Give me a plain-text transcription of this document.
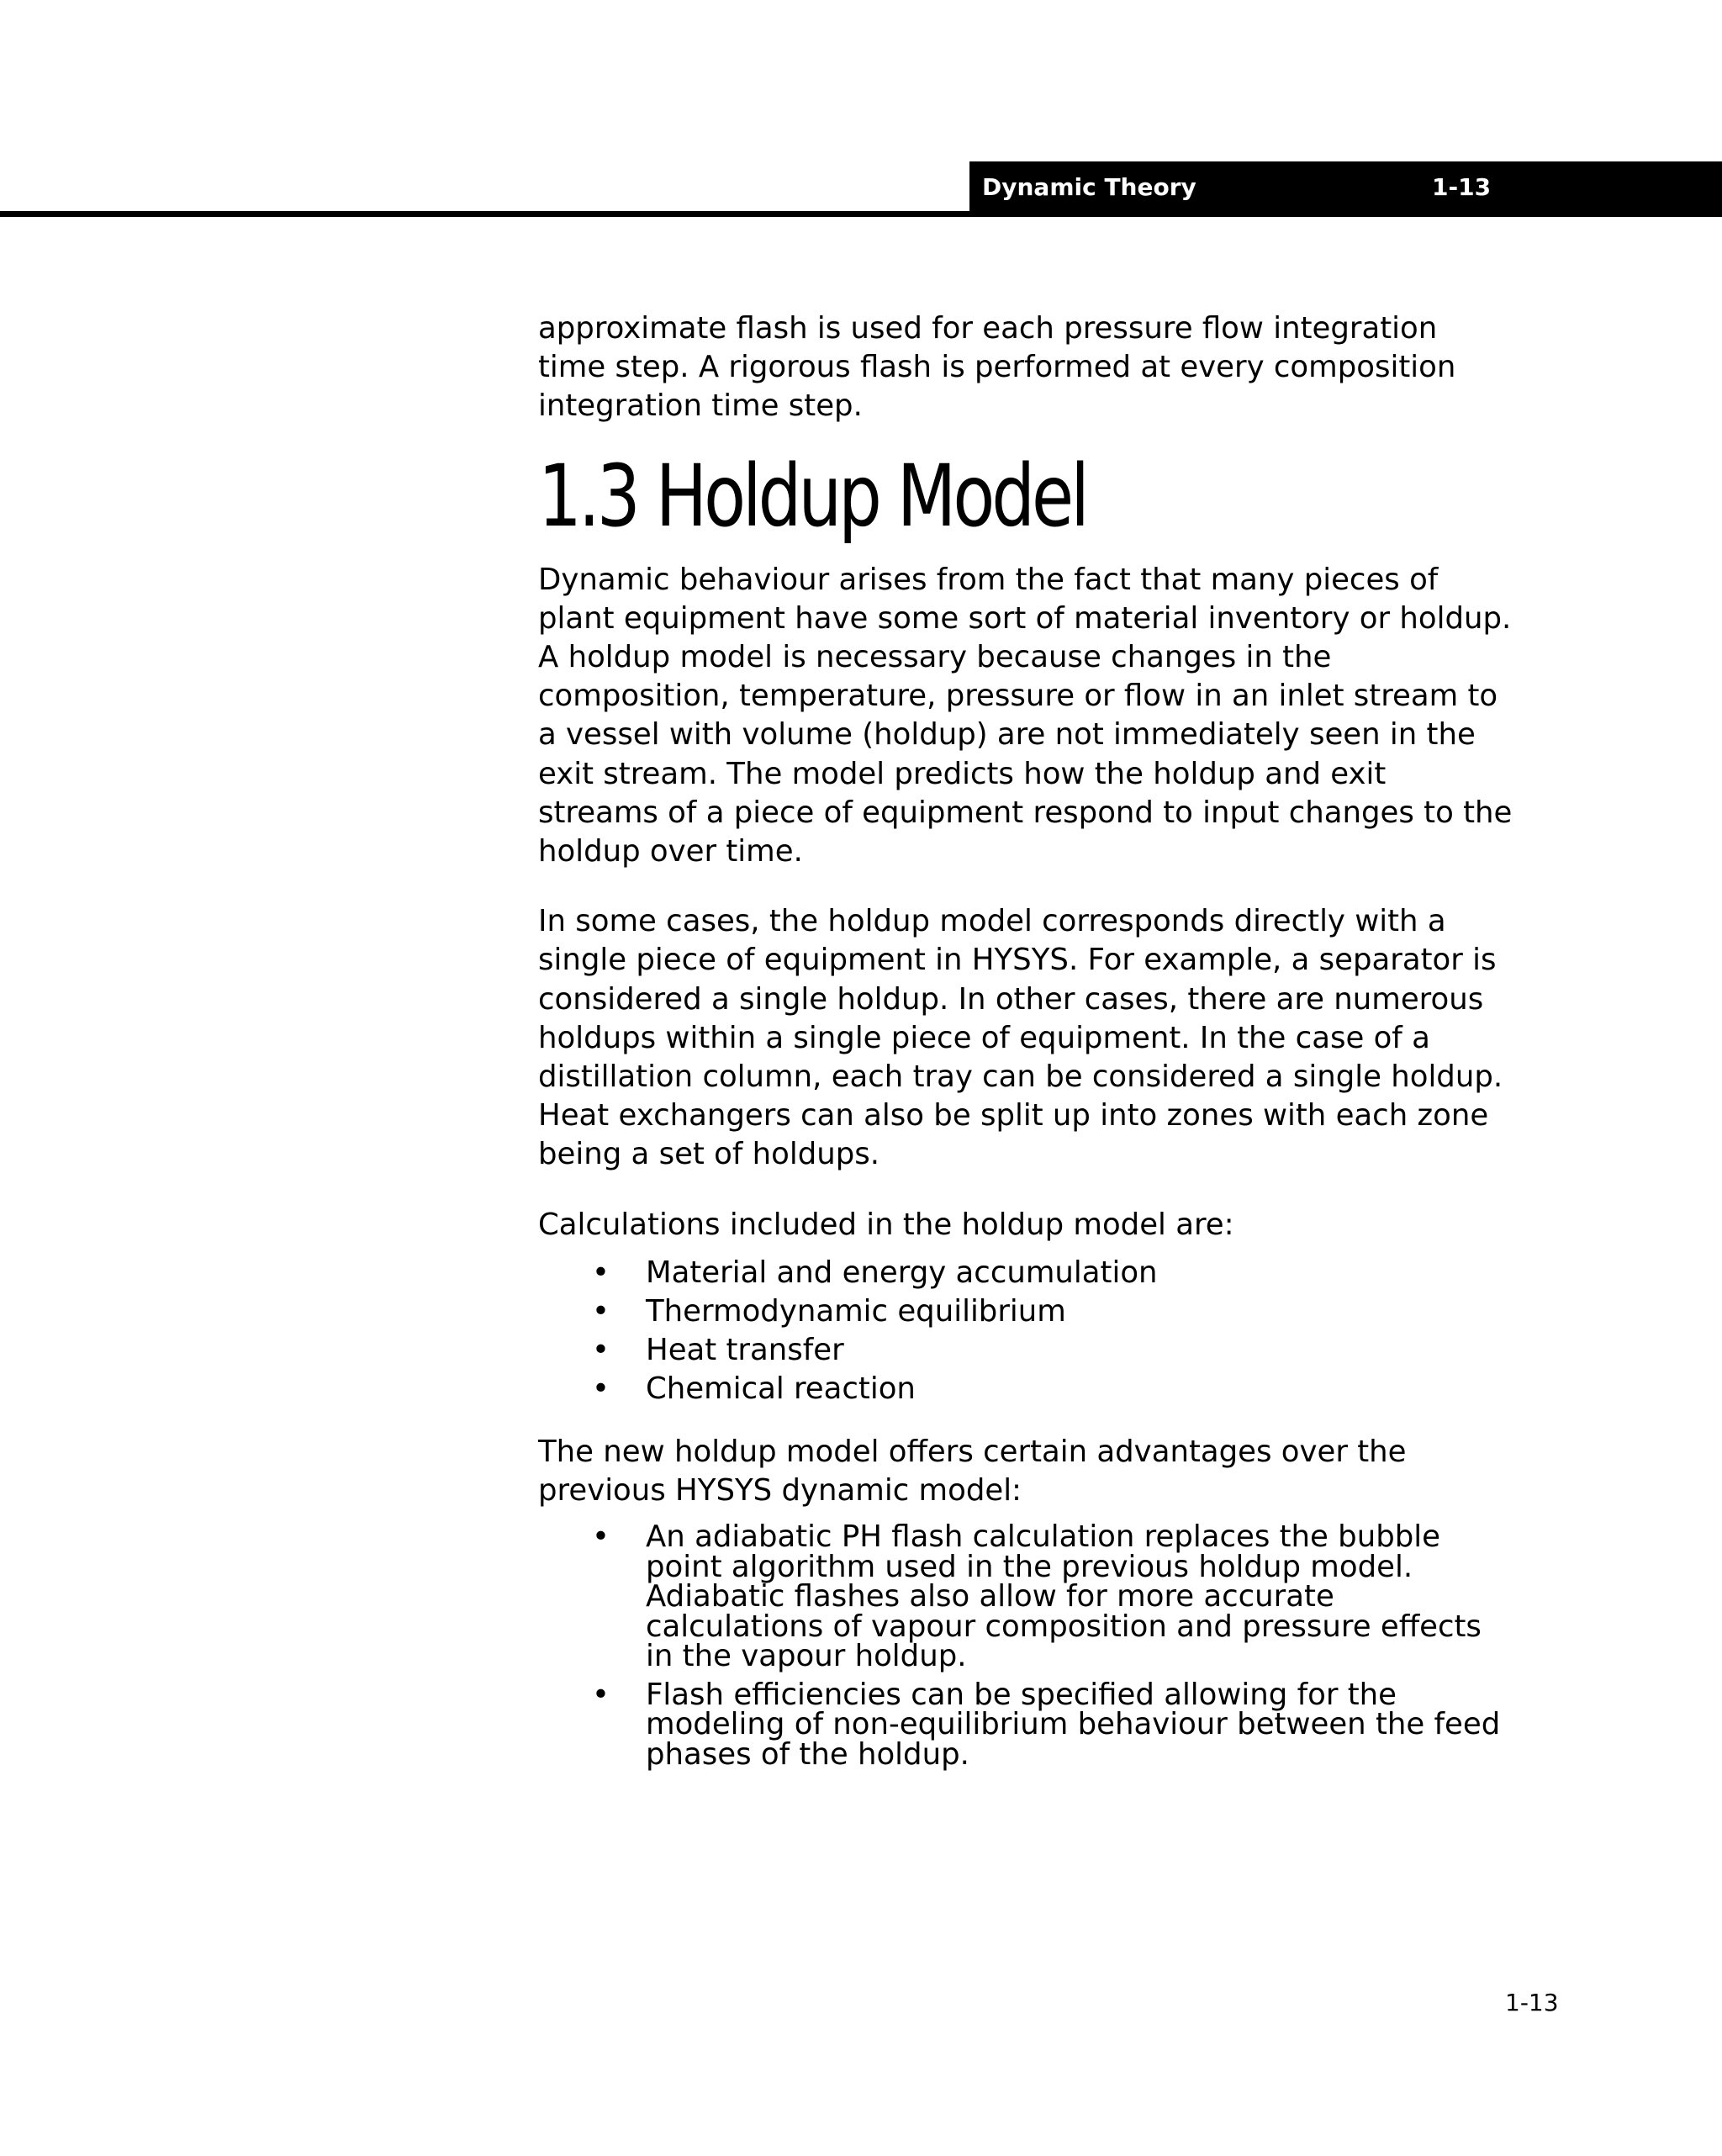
Dynamic Theory	1-13

approximate flash is used for each pressure flow integration
time step. A rigorous flash is performed at every composition
integration time step.

1.3 Holdup Model

Dynamic behaviour arises from the fact that many pieces of
plant equipment have some sort of material inventory or holdup.
A holdup model is necessary because changes in the
composition, temperature, pressure or flow in an inlet stream to
a vessel with volume (holdup) are not immediately seen in the
exit stream. The model predicts how the holdup and exit
streams of a piece of equipment respond to input changes to the
holdup over time.

In some cases, the holdup model corresponds directly with a
single piece of equipment in HYSYS. For example, a separator is
considered a single holdup. In other cases, there are numerous
holdups within a single piece of equipment. In the case of a
distillation column, each tray can be considered a single holdup.
Heat exchangers can also be split up into zones with each zone
being a set of holdups.

Calculations included in the holdup model are:

• Material and energy accumulation
• Thermodynamic equilibrium
• Heat transfer
• Chemical reaction

The new holdup model offers certain advantages over the
previous HYSYS dynamic model:

• An adiabatic PH flash calculation replaces the bubble
point algorithm used in the previous holdup model.
Adiabatic flashes also allow for more accurate
calculations of vapour composition and pressure effects
in the vapour holdup.
• Flash efficiencies can be specified allowing for the
modeling of non-equilibrium behaviour between the feed
phases of the holdup.
1-13
